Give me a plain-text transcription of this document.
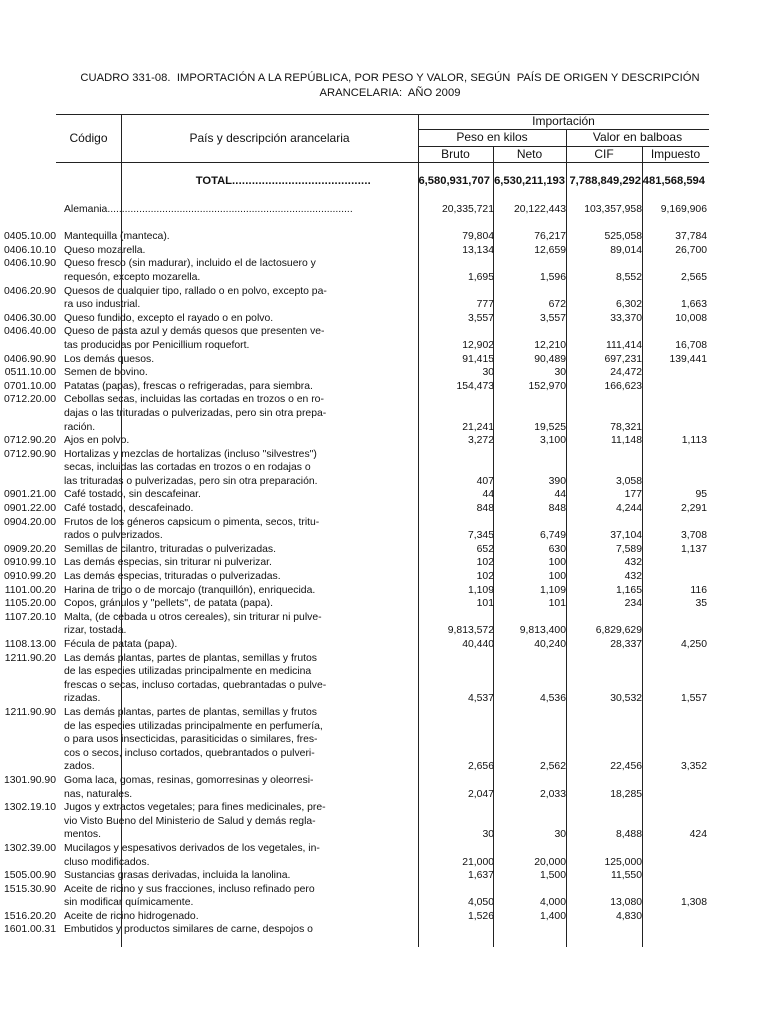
CUADRO 331-08.  IMPORTACIÓN A LA REPÚBLICA, POR PESO Y VALOR, SEGÚN  PAÍS DE ORIGEN Y DESCRIPCIÓN
ARANCELARIA:  AÑO 2009
Código	País y descripción arancelaria
Importación
Peso en kilos	Valor en balboas
Bruto	Neto	CIF	Impuesto
TOTAL..........................................	6,580,931,707 6,530,211,193 7,788,849,292 481,568,594
Alemania.....................................................................................	20,335,721	20,122,443	103,357,958	9,169,906
0405.10.00 Mantequilla (manteca).	79,804	76,217	525,058	37,784
0406.10.10 Queso mozarella.	13,134	12,659	89,014	26,700
0406.10.90 Queso fresco (sin madurar), incluido el de lactosuero y
requesón, excepto mozarella.	1,695	1,596	8,552	2,565
0406.20.90 Quesos de cualquier tipo, rallado o en polvo, excepto pa-
ra uso industrial.	777	672	6,302	1,663
0406.30.00 Queso fundido, excepto el rayado o en polvo.	3,557	3,557	33,370	10,008
0406.40.00 Queso de pasta azul y demás quesos que presenten ve-
tas producidas por Penicillium roquefort.	12,902	12,210	111,414	16,708
0406.90.90 Los demás quesos.	91,415	90,489	697,231	139,441
0511.10.00 Semen de bovino.	30	30	24,472
0701.10.00 Patatas (papas), frescas o refrigeradas, para siembra.	154,473	152,970	166,623
0712.20.00 Cebollas secas, incluidas las cortadas en trozos o en ro-
dajas o las trituradas o pulverizadas, pero sin otra prepa-
ración.	21,241	19,525	78,321
0712.90.20 Ajos en polvo.	3,272	3,100	11,148	1,113
0712.90.90 Hortalizas y mezclas de hortalizas (incluso "silvestres")
secas, incluidas las cortadas en trozos o en rodajas o
las trituradas o pulverizadas, pero sin otra preparación.	407	390	3,058
0901.21.00 Café tostado, sin descafeinar.	44	44	177	95
0901.22.00 Café tostado, descafeinado.	848	848	4,244	2,291
0904.20.00 Frutos de los géneros capsicum o pimenta, secos, tritu-
rados o pulverizados.	7,345	6,749	37,104	3,708
0909.20.20 Semillas de cilantro, trituradas o pulverizadas.	652	630	7,589	1,137
0910.99.10 Las demás especias, sin triturar ni pulverizar.	102	100	432
0910.99.20 Las demás especias, trituradas o pulverizadas.	102	100	432
1101.00.20 Harina de trigo o de morcajo (tranquillón), enriquecida.	1,109	1,109	1,165	116
1105.20.00 Copos, gránulos y "pellets", de patata (papa).	101	101	234	35
1107.20.10 Malta, (de cebada u otros cereales), sin triturar ni pulve-
rizar, tostada.	9,813,572	9,813,400	6,829,629
1108.13.00 Fécula de patata (papa).	40,440	40,240	28,337	4,250
1211.90.20 Las demás plantas, partes de plantas, semillas y frutos
de las especies utilizadas principalmente en medicina
frescas o secas, incluso cortadas, quebrantadas o pulve-
rizadas.	4,537	4,536	30,532	1,557
1211.90.90 Las demás plantas, partes de plantas, semillas y frutos
de las especies utilizadas principalmente en perfumería,
o para usos insecticidas, parasiticidas o similares, fres-
cos o secos, incluso cortados, quebrantados o pulveri-
zados.	2,656	2,562	22,456	3,352
1301.90.90 Goma laca, gomas, resinas, gomorresinas y oleorresi-
nas, naturales.	2,047	2,033	18,285
1302.19.10 Jugos y extractos vegetales; para fines medicinales, pre-
vio Visto Bueno del Ministerio de Salud y demás regla-
mentos.	30	30	8,488	424
1302.39.00 Mucilagos y espesativos derivados de los vegetales, in-
cluso modificados.	21,000	20,000	125,000
1505.00.90 Sustancias grasas derivadas, incluida la lanolina.	1,637	1,500	11,550
1515.30.90 Aceite de ricino y sus fracciones, incluso refinado pero
sin modificar químicamente.	4,050	4,000	13,080	1,308
1516.20.20 Aceite de ricino hidrogenado.	1,526	1,400	4,830
1601.00.31 Embutidos y productos similares de carne, despojos o
